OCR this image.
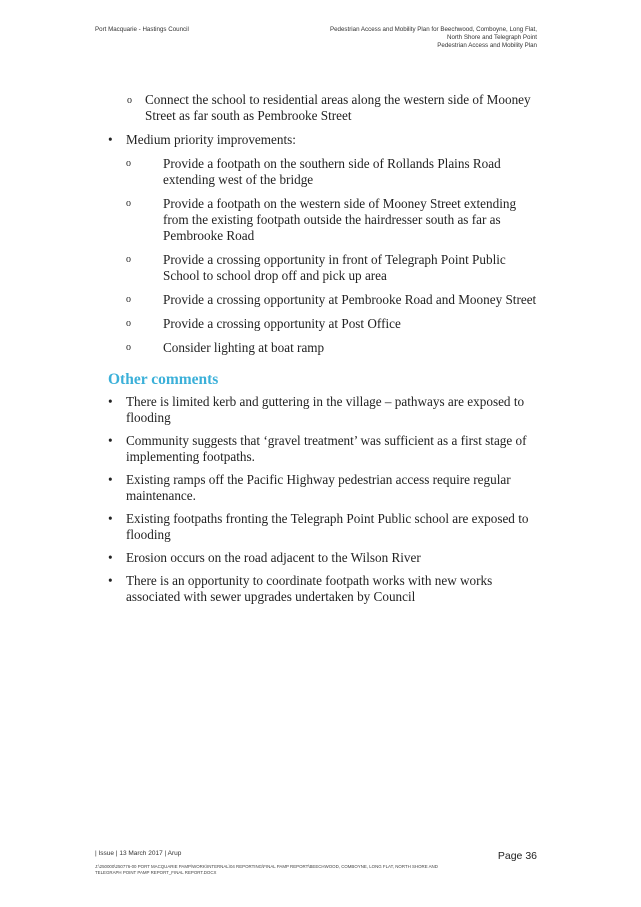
Port Macquarie - Hastings Council	Pedestrian Access and Mobility Plan for Beechwood, Comboyne, Long Flat,
North Shore and Telegraph Point
Pedestrian Access and Mobility Plan
o Connect the school to residential areas along the western side of Mooney Street as far south as Pembrooke Street
• Medium priority improvements:
o Provide a footpath on the southern side of Rollands Plains Road extending west of the bridge
o Provide a footpath on the western side of Mooney Street extending from the existing footpath outside the hairdresser south as far as Pembrooke Road
o Provide a crossing opportunity in front of Telegraph Point Public School to school drop off and pick up area
o Provide a crossing opportunity at Pembrooke Road and Mooney Street
o Provide a crossing opportunity at Post Office
o Consider lighting at boat ramp
Other comments
• There is limited kerb and guttering in the village – pathways are exposed to flooding
• Community suggests that ‘gravel treatment’ was sufficient as a first stage of implementing footpaths.
• Existing ramps off the Pacific Highway pedestrian access require regular maintenance.
• Existing footpaths fronting the Telegraph Point Public school are exposed to flooding
• Erosion occurs on the road adjacent to the Wilson River
• There is an opportunity to coordinate footpath works with new works associated with sewer upgrades undertaken by Council
| Issue | 13 March 2017 | Arup
J:\250000\250776-00 PORT MACQUARIE PAMP\WORK\INTERNAL\04 REPORTING\FINAL PAMP REPORT\BEECHWOOD, COMBOYNE, LONG FLAT, NORTH SHORE AND TELEGRAPH POINT PAMP REPORT_FINAL REPORT.DOCX
Page 36
